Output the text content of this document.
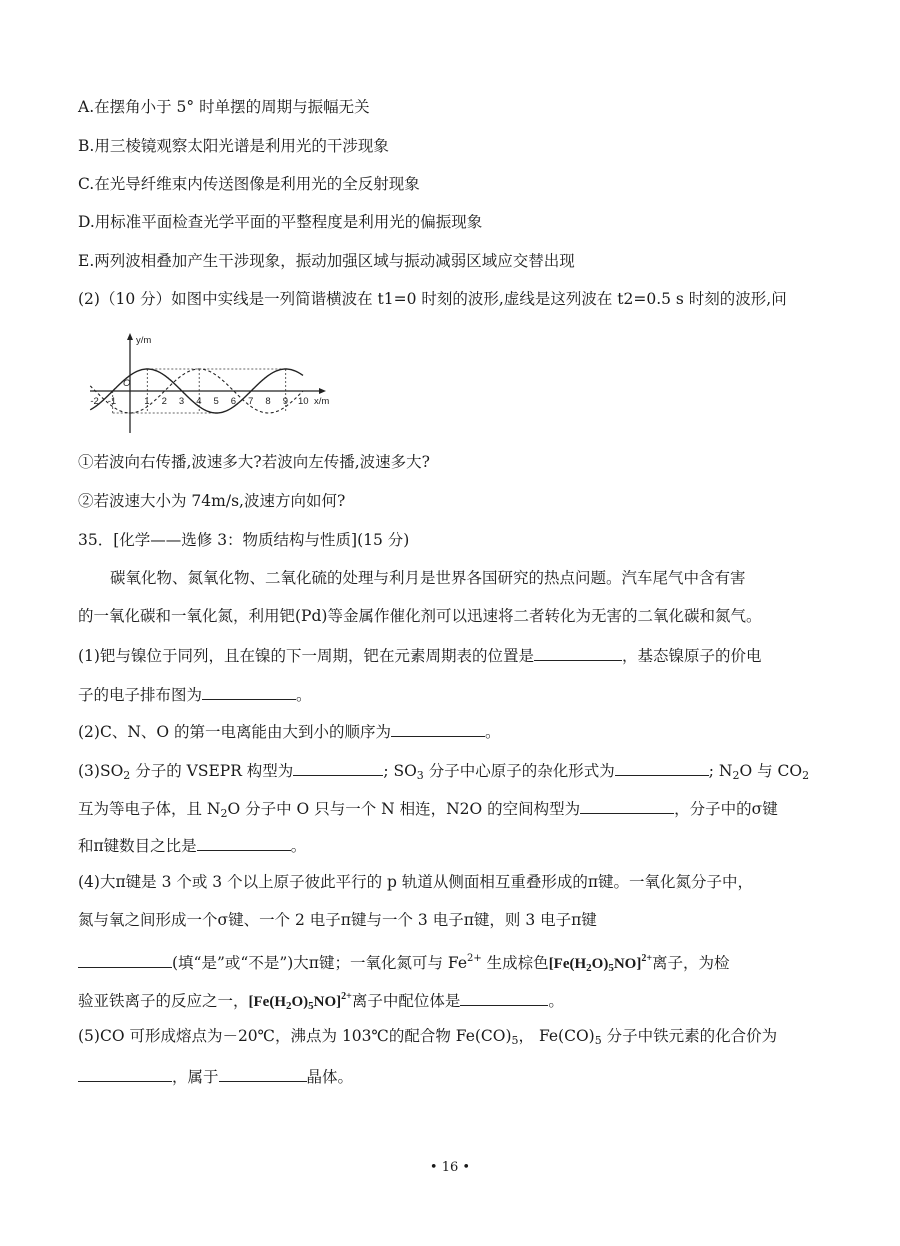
A.在摆角小于 5° 时单摆的周期与振幅无关
B.用三棱镜观察太阳光谱是利用光的干涉现象
C.在光导纤维束内传送图像是利用光的全反射现象
D.用标准平面检查光学平面的平整程度是利用光的偏振现象
E.两列波相叠加产生干涉现象，振动加强区域与振动减弱区域应交替出现
(2)（10 分）如图中实线是一列简谐横波在 t1=0 时刻的波形,虚线是这列波在 t2=0.5 s 时刻的波形,问
y/m
O
x/m
-2 -1	1 2 3 4 5 6 7 8 9 10
①若波向右传播,波速多大?若波向左传播,波速多大?
②若波速大小为 74m/s,波速方向如何?
35．[化学——选修 3：物质结构与性质](15 分)
碳氧化物、氮氧化物、二氧化硫的处理与利月是世界各国研究的热点问题。汽车尾气中含有害
的一氧化碳和一氧化氮，利用钯(Pd)等金属作催化剂可以迅速将二者转化为无害的二氧化碳和氮气。
(1)钯与镍位于同列，且在镍的下一周期，钯在元素周期表的位置是	，基态镍原子的价电
子的电子排布图为	。
(2)C、N、O 的第一电离能由大到小的顺序为	。
$(3)SO_2$ 分子的 VSEPR 构型为	; $SO_3$ 分子中心原子的杂化形式为	; $N_2O$ 与 $CO_2$
互为等电子体，且 $N_2O$ 分子中 O 只与一个 N 相连，N2O 的空间构型为	，分子中的σ键
和π键数目之比是	。
(4)大π键是 3 个或 3 个以上原子彼此平行的 p 轨道从侧面相互重叠形成的π键。一氧化氮分子中，
氮与氧之间形成一个σ键、一个 2 电子π键与一个 3 电子π键，则 3 电子π键
(填“是”或“不是”)大π键；一氧化氮可与 $Fe^{2+}$ 生成棕色$[Fe(H_2O)_5NO]^{2+}$离子，为检
验亚铁离子的反应之一，$[Fe(H_2O)_5NO]^{2+}$离子中配位体是	。
(5)CO 可形成熔点为－20℃，沸点为 103℃的配合物 $Fe(CO)_5$， $Fe(CO)_5$ 分子中铁元素的化合价为
，属于	晶体。
• 16 •
